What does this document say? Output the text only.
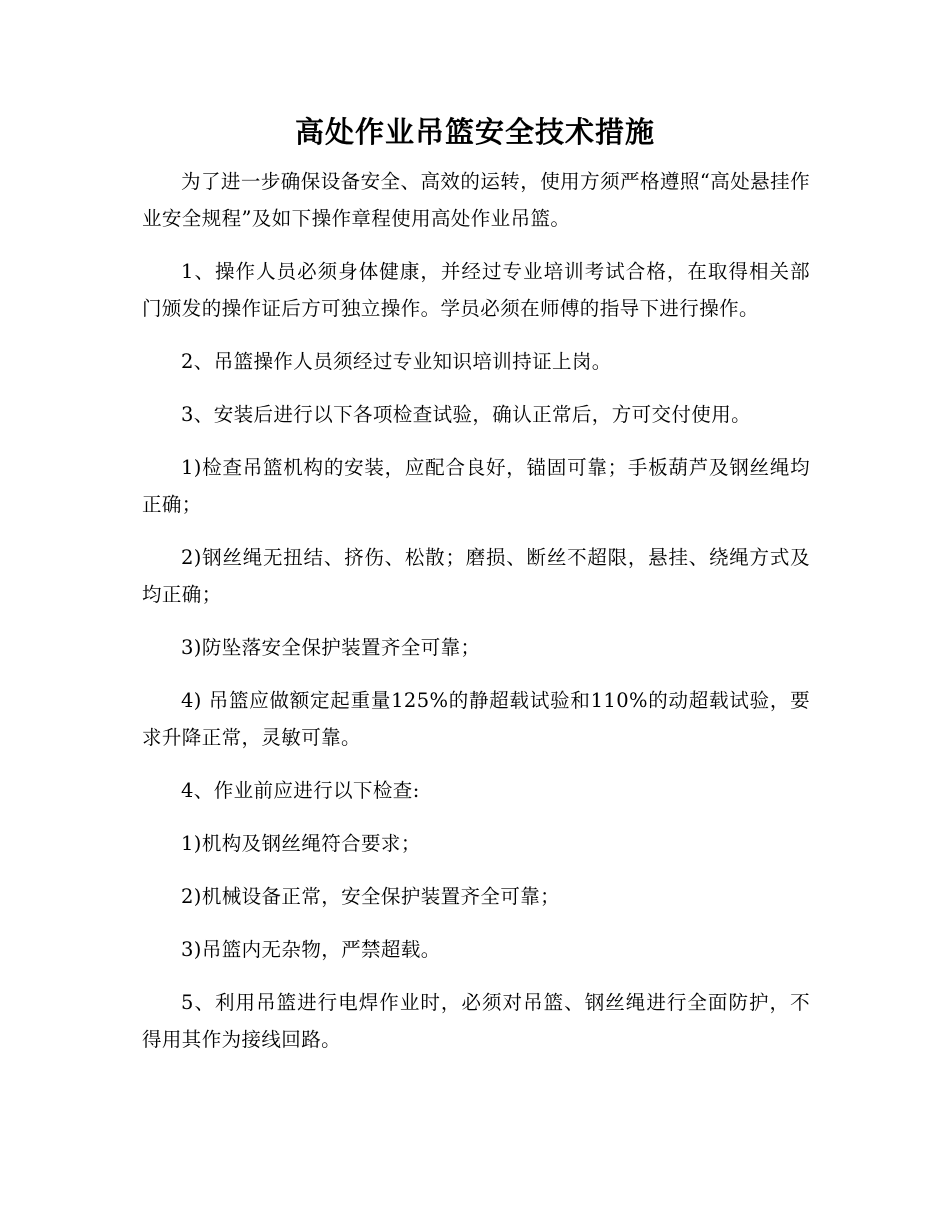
高处作业吊篮安全技术措施

为了进一步确保设备安全、高效的运转，使用方须严格遵照“高处悬挂作业安全规程”及如下操作章程使用高处作业吊篮。

1、操作人员必须身体健康，并经过专业培训考试合格，在取得相关部门颁发的操作证后方可独立操作。学员必须在师傅的指导下进行操作。

2、吊篮操作人员须经过专业知识培训持证上岗。

3、安装后进行以下各项检查试验，确认正常后，方可交付使用。

1)检查吊篮机构的安装，应配合良好，锚固可靠；手板葫芦及钢丝绳均正确；

2)钢丝绳无扭结、挤伤、松散；磨损、断丝不超限，悬挂、绕绳方式及均正确；

3)防坠落安全保护装置齐全可靠；

4) 吊篮应做额定起重量125%的静超载试验和110%的动超载试验，要求升降正常，灵敏可靠。

4、作业前应进行以下检查:

1)机构及钢丝绳符合要求；

2)机械设备正常，安全保护装置齐全可靠；

3)吊篮内无杂物，严禁超载。

5、利用吊篮进行电焊作业时，必须对吊篮、钢丝绳进行全面防护，不得用其作为接线回路。
